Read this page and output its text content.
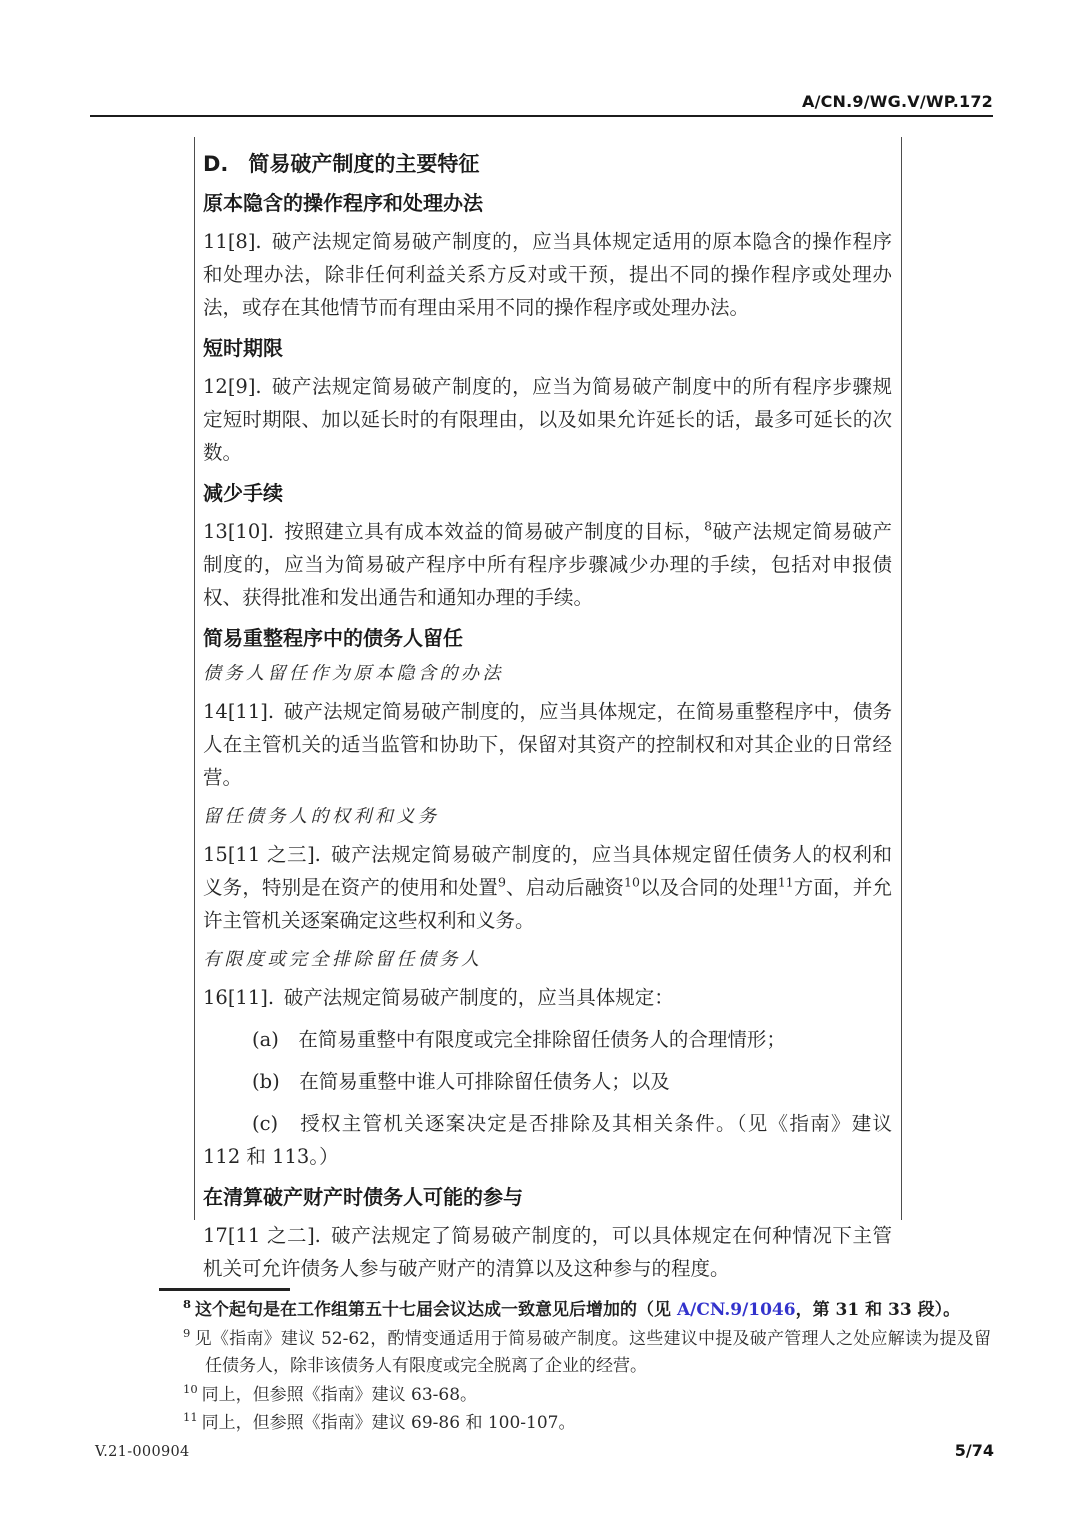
A/CN.9/WG.V/WP.172
D. 简易破产制度的主要特征
原本隐含的操作程序和处理办法

11[8]. 破产法规定简易破产制度的，应当具体规定适用的原本隐含的操作程序和处理办法，除非任何利益关系方反对或干预，提出不同的操作程序或处理办法，或存在其他情节而有理由采用不同的操作程序或处理办法。

短时期限

12[9]. 破产法规定简易破产制度的，应当为简易破产制度中的所有程序步骤规定短时期限、加以延长时的有限理由，以及如果允许延长的话，最多可延长的次数。

减少手续

13[10]. 按照建立具有成本效益的简易破产制度的目标，$^8$破产法规定简易破产制度的，应当为简易破产程序中所有程序步骤减少办理的手续，包括对申报债权、获得批准和发出通告和通知办理的手续。

简易重整程序中的债务人留任
债务人留任作为原本隐含的办法

14[11]. 破产法规定简易破产制度的，应当具体规定，在简易重整程序中，债务人在主管机关的适当监管和协助下，保留对其资产的控制权和对其企业的日常经营。

留任债务人的权利和义务

15[11 之三]. 破产法规定简易破产制度的，应当具体规定留任债务人的权利和义务，特别是在资产的使用和处置$^9$、启动后融资$^{10}$以及合同的处理$^{11}$方面，并允许主管机关逐案确定这些权利和义务。

有限度或完全排除留任债务人

16[11]. 破产法规定简易破产制度的，应当具体规定：

(a)　在简易重整中有限度或完全排除留任债务人的合理情形；

(b)　在简易重整中谁人可排除留任债务人；以及

(c)　授权主管机关逐案决定是否排除及其相关条件。（见《指南》建议 112 和 113。）

在清算破产财产时债务人可能的参与

17[11 之二]. 破产法规定了简易破产制度的，可以具体规定在何种情况下主管机关可允许债务人参与破产财产的清算以及这种参与的程度。

$^8$ 这个起句是在工作组第五十七届会议达成一致意见后增加的（见 A/CN.9/1046，第 31 和 33 段）。
$^9$ 见《指南》建议 52-62，酌情变通适用于简易破产制度。这些建议中提及破产管理人之处应解读为提及留任债务人，除非该债务人有限度或完全脱离了企业的经营。
$^{10}$ 同上，但参照《指南》建议 63-68。
$^{11}$ 同上，但参照《指南》建议 69-86 和 100-107。
V.21-000904	5/74
